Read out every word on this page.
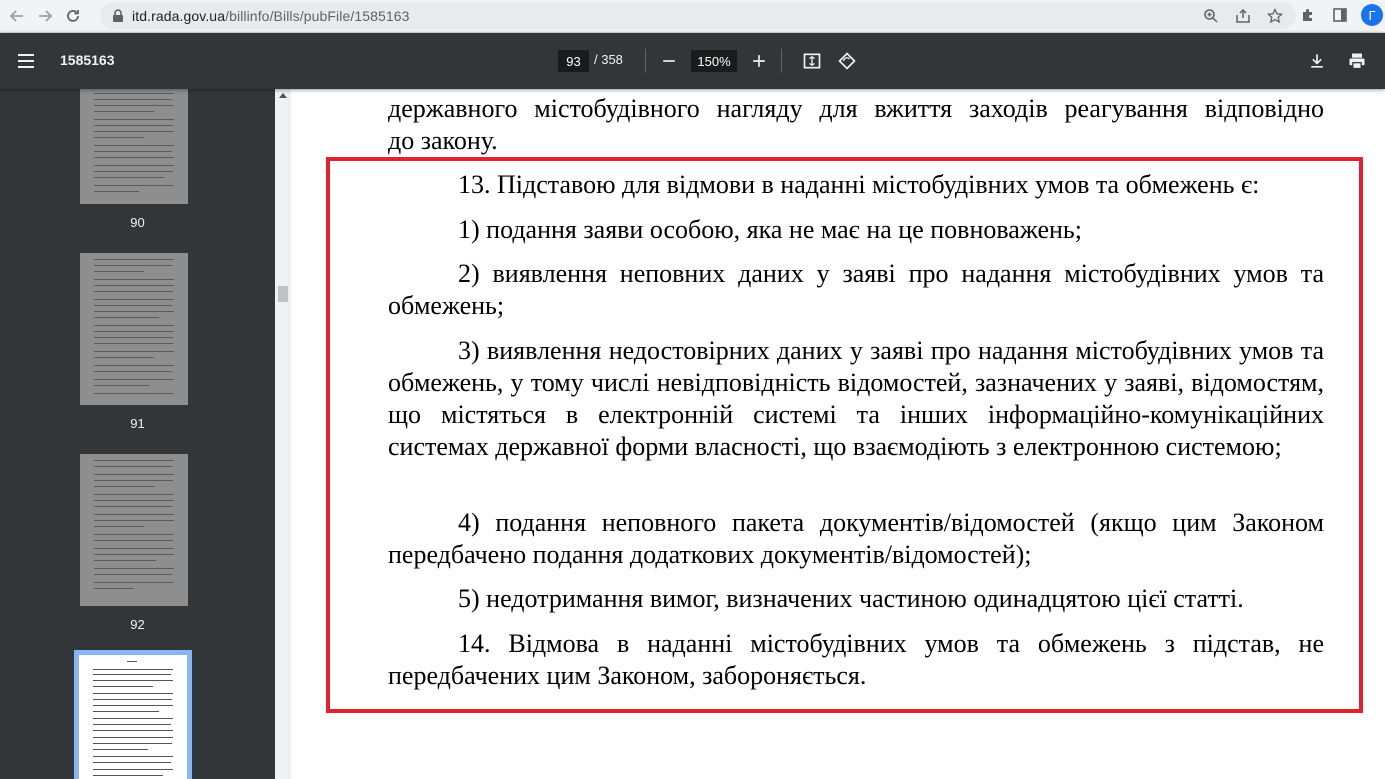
itd.rada.gov.ua/billinfo/Bills/pubFile/1585163	Г
1585163	93	/ 358	150%
90
91
92
державного містобудівного нагляду для вжиття заходів реагування відповідно
до закону.
13. Підставою для відмови в наданні містобудівних умов та обмежень є:
1) подання заяви особою, яка не має на це повноважень;
2) виявлення неповних даних у заяві про надання містобудівних умов та обмежень;
3) виявлення недостовірних даних у заяві про надання містобудівних умов та обмежень, у тому числі невідповідність відомостей, зазначених у заяві, відомостям, що містяться в електронній системі та інших інформаційно-комунікаційних системах державної форми власності, що взаємодіють з електронною системою;
4) подання неповного пакета документів/відомостей (якщо цим Законом передбачено подання додаткових документів/відомостей);
5) недотримання вимог, визначених частиною одинадцятою цієї статті.
14. Відмова в наданні містобудівних умов та обмежень з підстав, не передбачених цим Законом, забороняється.
